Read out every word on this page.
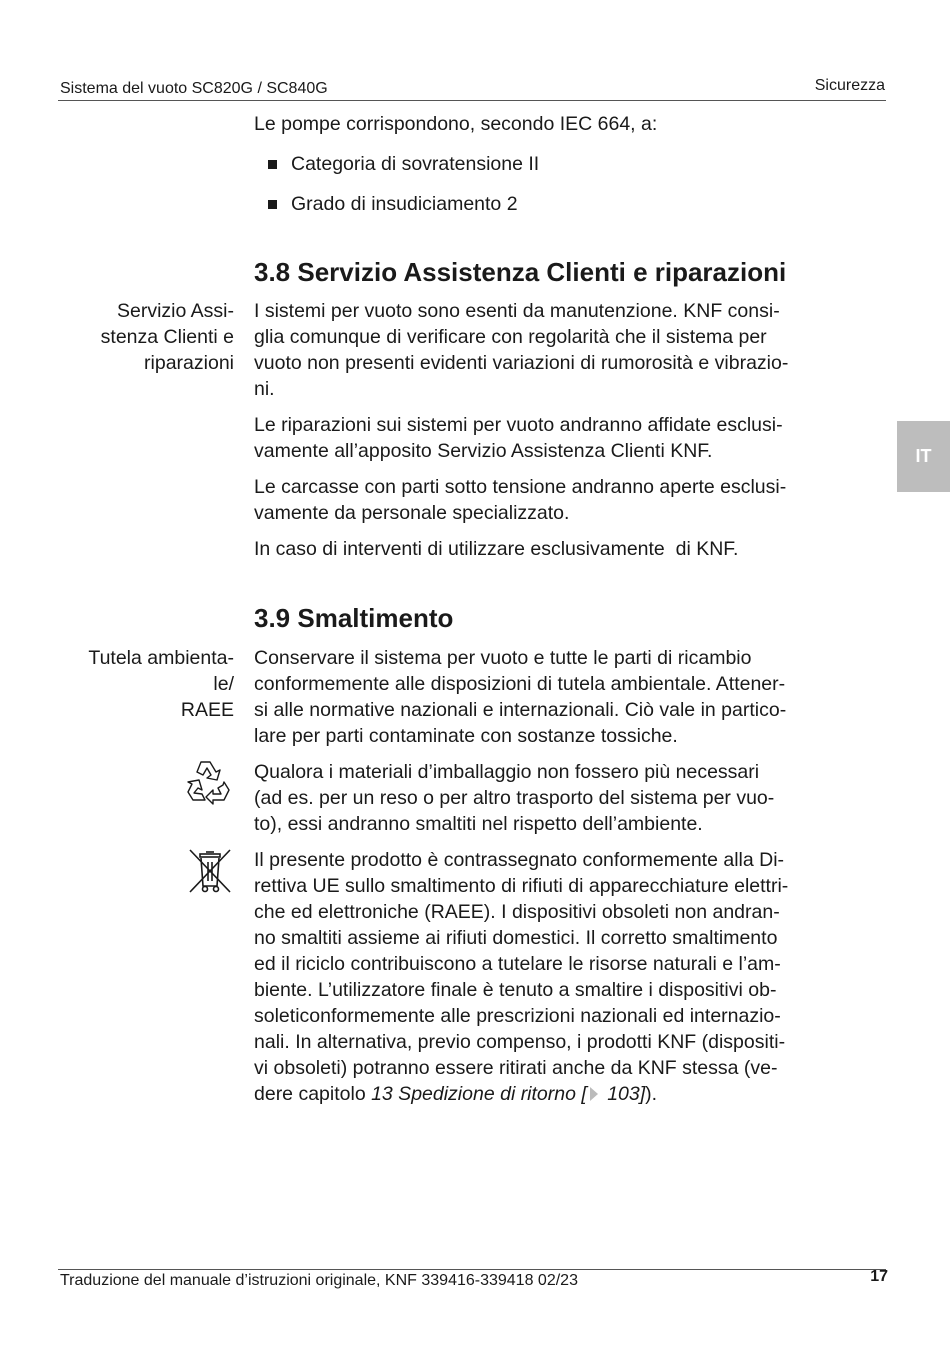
Sistema del vuoto SC820G / SC840G	Sicurezza

Le pompe corrispondono, secondo IEC 664, a:

Categoria di sovratensione II
Grado di insudiciamento 2
3.8 Servizio Assistenza Clienti e riparazioni
Servizio Assi-
stenza Clienti e
riparazioni

I sistemi per vuoto sono esenti da manutenzione. KNF consi-
glia comunque di verificare con regolarità che il sistema per
vuoto non presenti evidenti variazioni di rumorosità e vibrazio-
ni.

Le riparazioni sui sistemi per vuoto andranno affidate esclusi-
vamente all’apposito Servizio Assistenza Clienti KNF.

Le carcasse con parti sotto tensione andranno aperte esclusi-
vamente da personale specializzato.

In caso di interventi di utilizzare esclusivamente  di KNF.

3.9 Smaltimento
Tutela ambienta-
le/
RAEE

Conservare il sistema per vuoto e tutte le parti di ricambio
conformemente alle disposizioni di tutela ambientale. Attener-
si alle normative nazionali e internazionali. Ciò vale in partico-
lare per parti contaminate con sostanze tossiche.

Qualora i materiali d’imballaggio non fossero più necessari
(ad es. per un reso o per altro trasporto del sistema per vuo-
to), essi andranno smaltiti nel rispetto dell’ambiente.

Il presente prodotto è contrassegnato conformemente alla Di-
rettiva UE sullo smaltimento di rifiuti di apparecchiature elettri-
che ed elettroniche (RAEE). I dispositivi obsoleti non andran-
no smaltiti assieme ai rifiuti domestici. Il corretto smaltimento
ed il riciclo contribuiscono a tutelare le risorse naturali e l’am-
biente. L’utilizzatore finale è tenuto a smaltire i dispositivi ob-
soleticonformemente alle prescrizioni nazionali ed internazio-
nali. In alternativa, previo compenso, i prodotti KNF (dispositi-
vi obsoleti) potranno essere ritirati anche da KNF stessa (ve-
dere capitolo 13 Spedizione di ritorno [ 103]).

IT
Traduzione del manuale d’istruzioni originale, KNF 339416-339418 02/23	17
